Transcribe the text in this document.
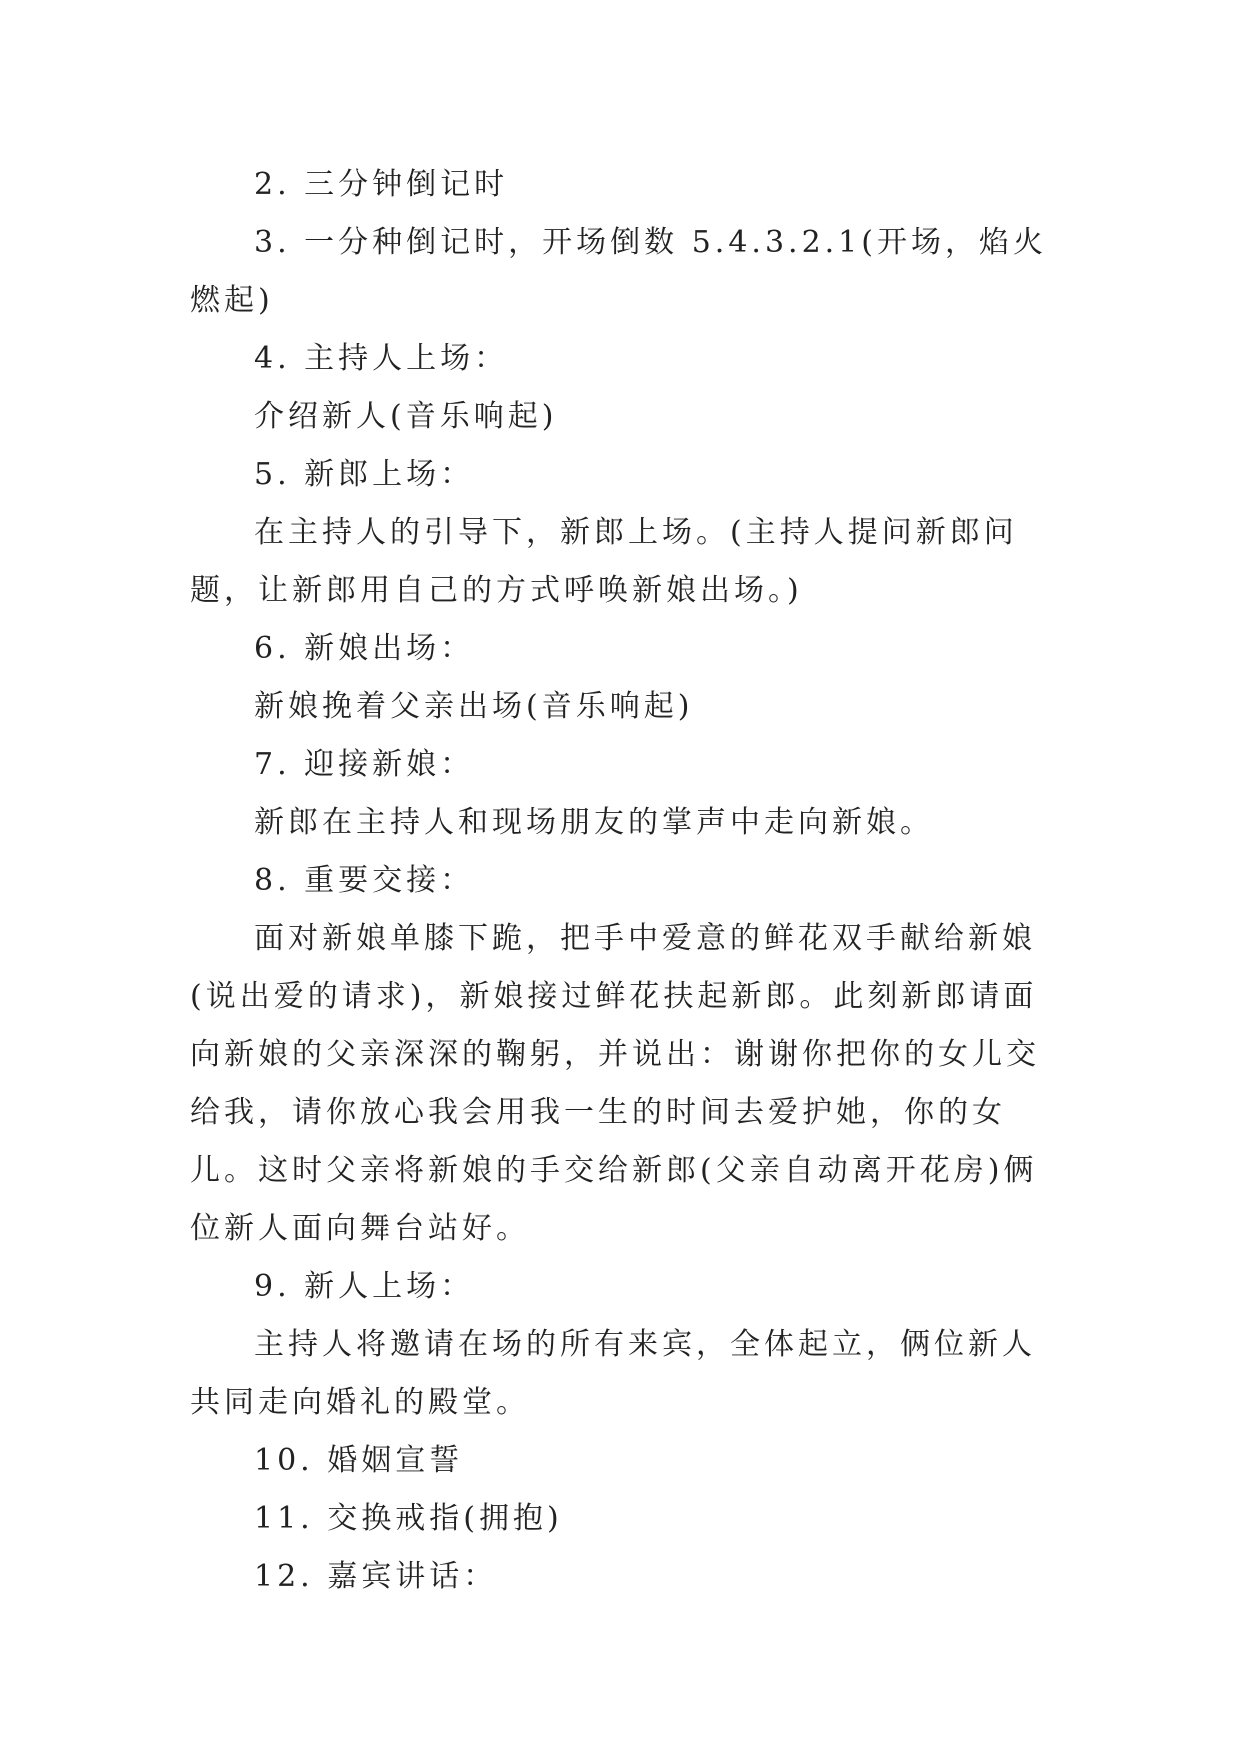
2. 三分钟倒记时

3. 一分种倒记时，开场倒数 5.4.3.2.1(开场，焰火燃起)

4. 主持人上场：

介绍新人(音乐响起)

5. 新郎上场：

在主持人的引导下，新郎上场。(主持人提问新郎问题，让新郎用自己的方式呼唤新娘出场。)

6. 新娘出场：

新娘挽着父亲出场(音乐响起)

7. 迎接新娘：

新郎在主持人和现场朋友的掌声中走向新娘。

8. 重要交接：

面对新娘单膝下跪，把手中爱意的鲜花双手献给新娘(说出爱的请求)，新娘接过鲜花扶起新郎。此刻新郎请面向新娘的父亲深深的鞠躬，并说出：谢谢你把你的女儿交给我，请你放心我会用我一生的时间去爱护她，你的女儿。这时父亲将新娘的手交给新郎(父亲自动离开花房)俩位新人面向舞台站好。

9. 新人上场：

主持人将邀请在场的所有来宾，全体起立，俩位新人共同走向婚礼的殿堂。

10. 婚姻宣誓

11. 交换戒指(拥抱)

12. 嘉宾讲话：
